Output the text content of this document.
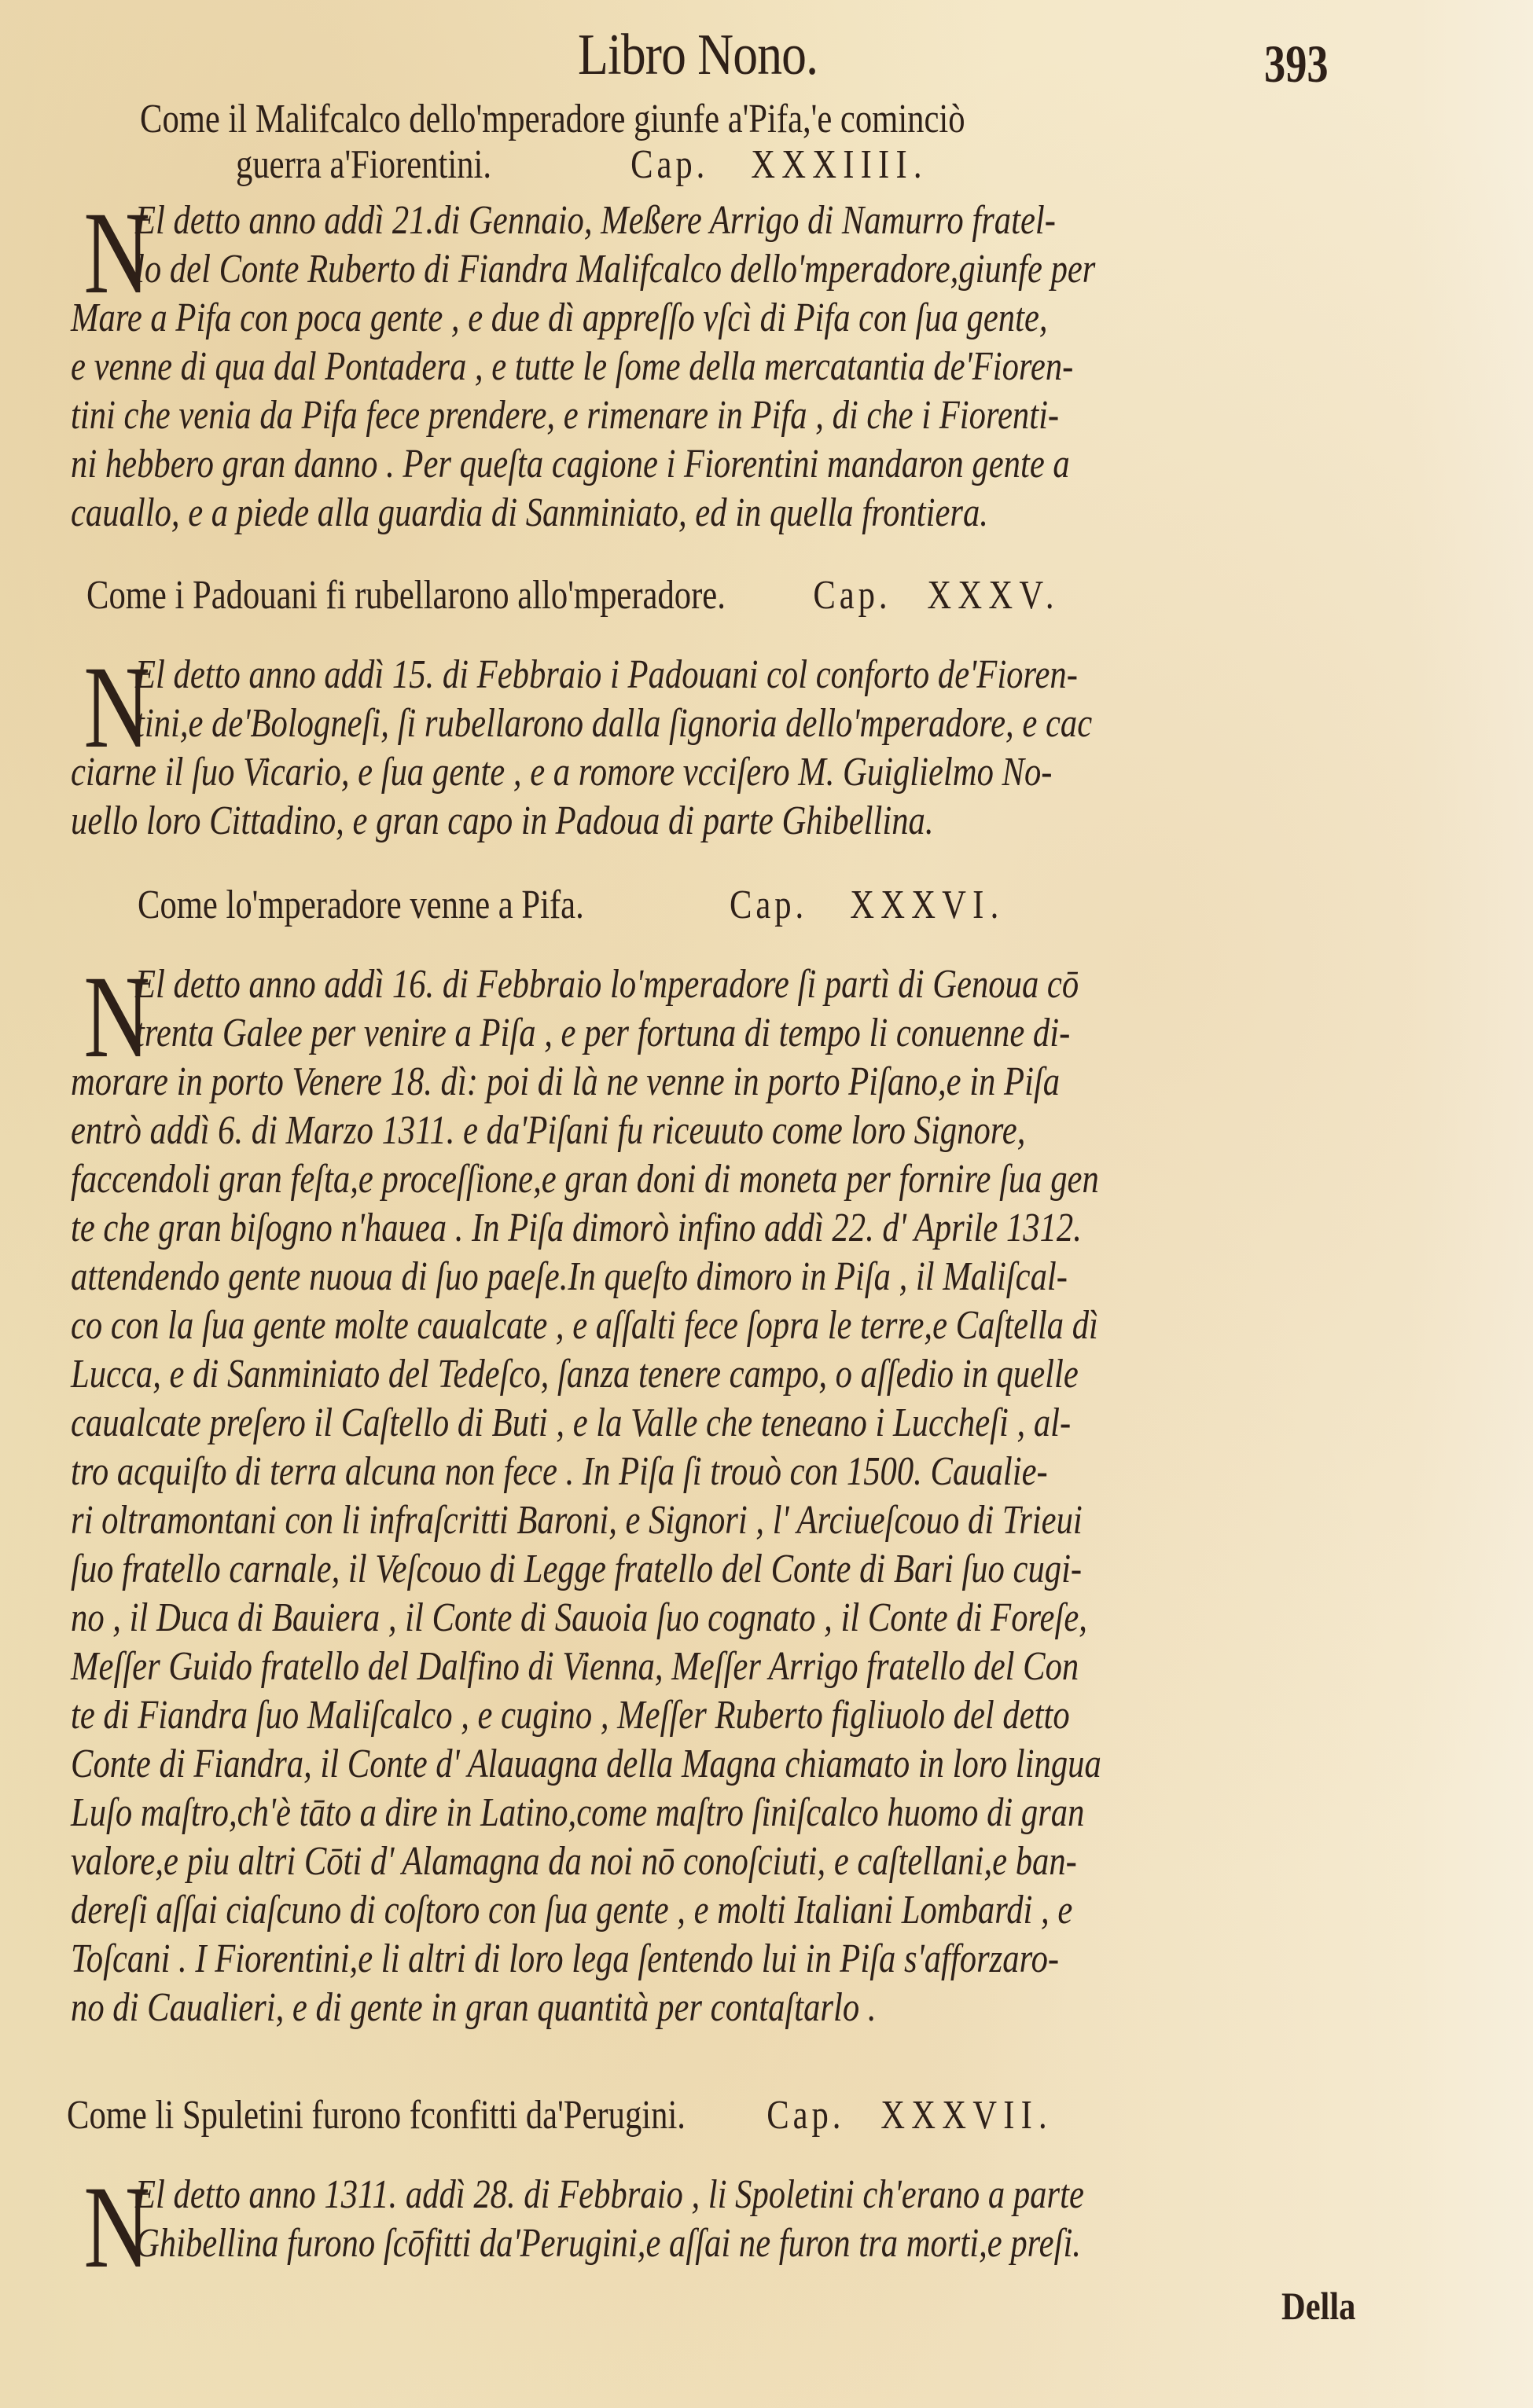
Libro Nono.	393
Come il Malifcalco dello'mperadore giunfe a'Pifa,'e cominciò
guerra a'Fiorentini.	Cap. XXXIIII.
N
El detto anno addì 21.di Gennaio, Meßere Arrigo di Namurro fratel-
lo del Conte Ruberto di Fiandra Malifcalco dello'mperadore,giunfe per
Mare a Pifa con poca gente , e due dì appreſſo vſcì di Pifa con ſua gente,
e venne di qua dal Pontadera , e tutte le ſome della mercatantia de'Fioren-
tini che venia da Pifa fece prendere, e rimenare in Pifa , di che i Fiorenti-
ni hebbero gran danno . Per queſta cagione i Fiorentini mandaron gente a
cauallo, e a piede alla guardia di Sanminiato, ed in quella frontiera.
Come i Padouani fi rubellarono allo'mperadore. Cap. XXXV.
N
El detto anno addì 15. di Febbraio i Padouani col conforto de'Fioren-
tini,e de'Bologneſi, ſi rubellarono dalla ſignoria dello'mperadore, e cac
ciarne il ſuo Vicario, e ſua gente , e a romore vcciſero M. Guiglielmo No-
uello loro Cittadino, e gran capo in Padoua di parte Ghibellina.
Come lo'mperadore venne a Pifa.	Cap. XXXVI.
N
El detto anno addì 16. di Febbraio lo'mperadore ſi partì di Genoua cō
trenta Galee per venire a Piſa , e per fortuna di tempo li conuenne di-
morare in porto Venere 18. dì: poi di là ne venne in porto Piſano,e in Piſa
entrò addì 6. di Marzo 1311. e da'Piſani fu riceuuto come loro Signore,
faccendoli gran feſta,e proceſſione,e gran doni di moneta per fornire ſua gen
te che gran biſogno n'hauea . In Piſa dimorò infino addì 22. d' Aprile 1312.
attendendo gente nuoua di ſuo paeſe.In queſto dimoro in Piſa , il Maliſcal-
co con la ſua gente molte caualcate , e aſſalti fece ſopra le terre,e Caſtella dì
Lucca, e di Sanminiato del Tedeſco, ſanza tenere campo, o aſſedio in quelle
caualcate preſero il Caſtello di Buti , e la Valle che teneano i Luccheſi , al-
tro acquiſto di terra alcuna non fece . In Piſa ſi trouò con 1500. Caualie-
ri oltramontani con li infraſcritti Baroni, e Signori , l' Arciueſcouo di Trieui
ſuo fratello carnale, il Veſcouo di Legge fratello del Conte di Bari ſuo cugi-
no , il Duca di Bauiera , il Conte di Sauoia ſuo cognato , il Conte di Foreſe,
Meſſer Guido fratello del Dalfino di Vienna, Meſſer Arrigo fratello del Con
te di Fiandra ſuo Maliſcalco , e cugino , Meſſer Ruberto figliuolo del detto
Conte di Fiandra, il Conte d' Alauagna della Magna chiamato in loro lingua
Luſo maſtro,ch'è tāto a dire in Latino,come maſtro ſiniſcalco huomo di gran
valore,e piu altri Cōti d' Alamagna da noi nō conoſciuti, e caſtellani,e ban-
dereſi aſſai ciaſcuno di coſtoro con ſua gente , e molti Italiani Lombardi , e
Toſcani . I Fiorentini,e li altri di loro lega ſentendo lui in Piſa s'afforzaro-
no di Caualieri, e di gente in gran quantità per contaſtarlo .
Come li Spuletini furono fconfitti da'Perugini. Cap. XXXVII.
N
El detto anno 1311. addì 28. di Febbraio , li Spoletini ch'erano a parte
Ghibellina furono ſcōfitti da'Perugini,e aſſai ne furon tra morti,e preſi.
Della
